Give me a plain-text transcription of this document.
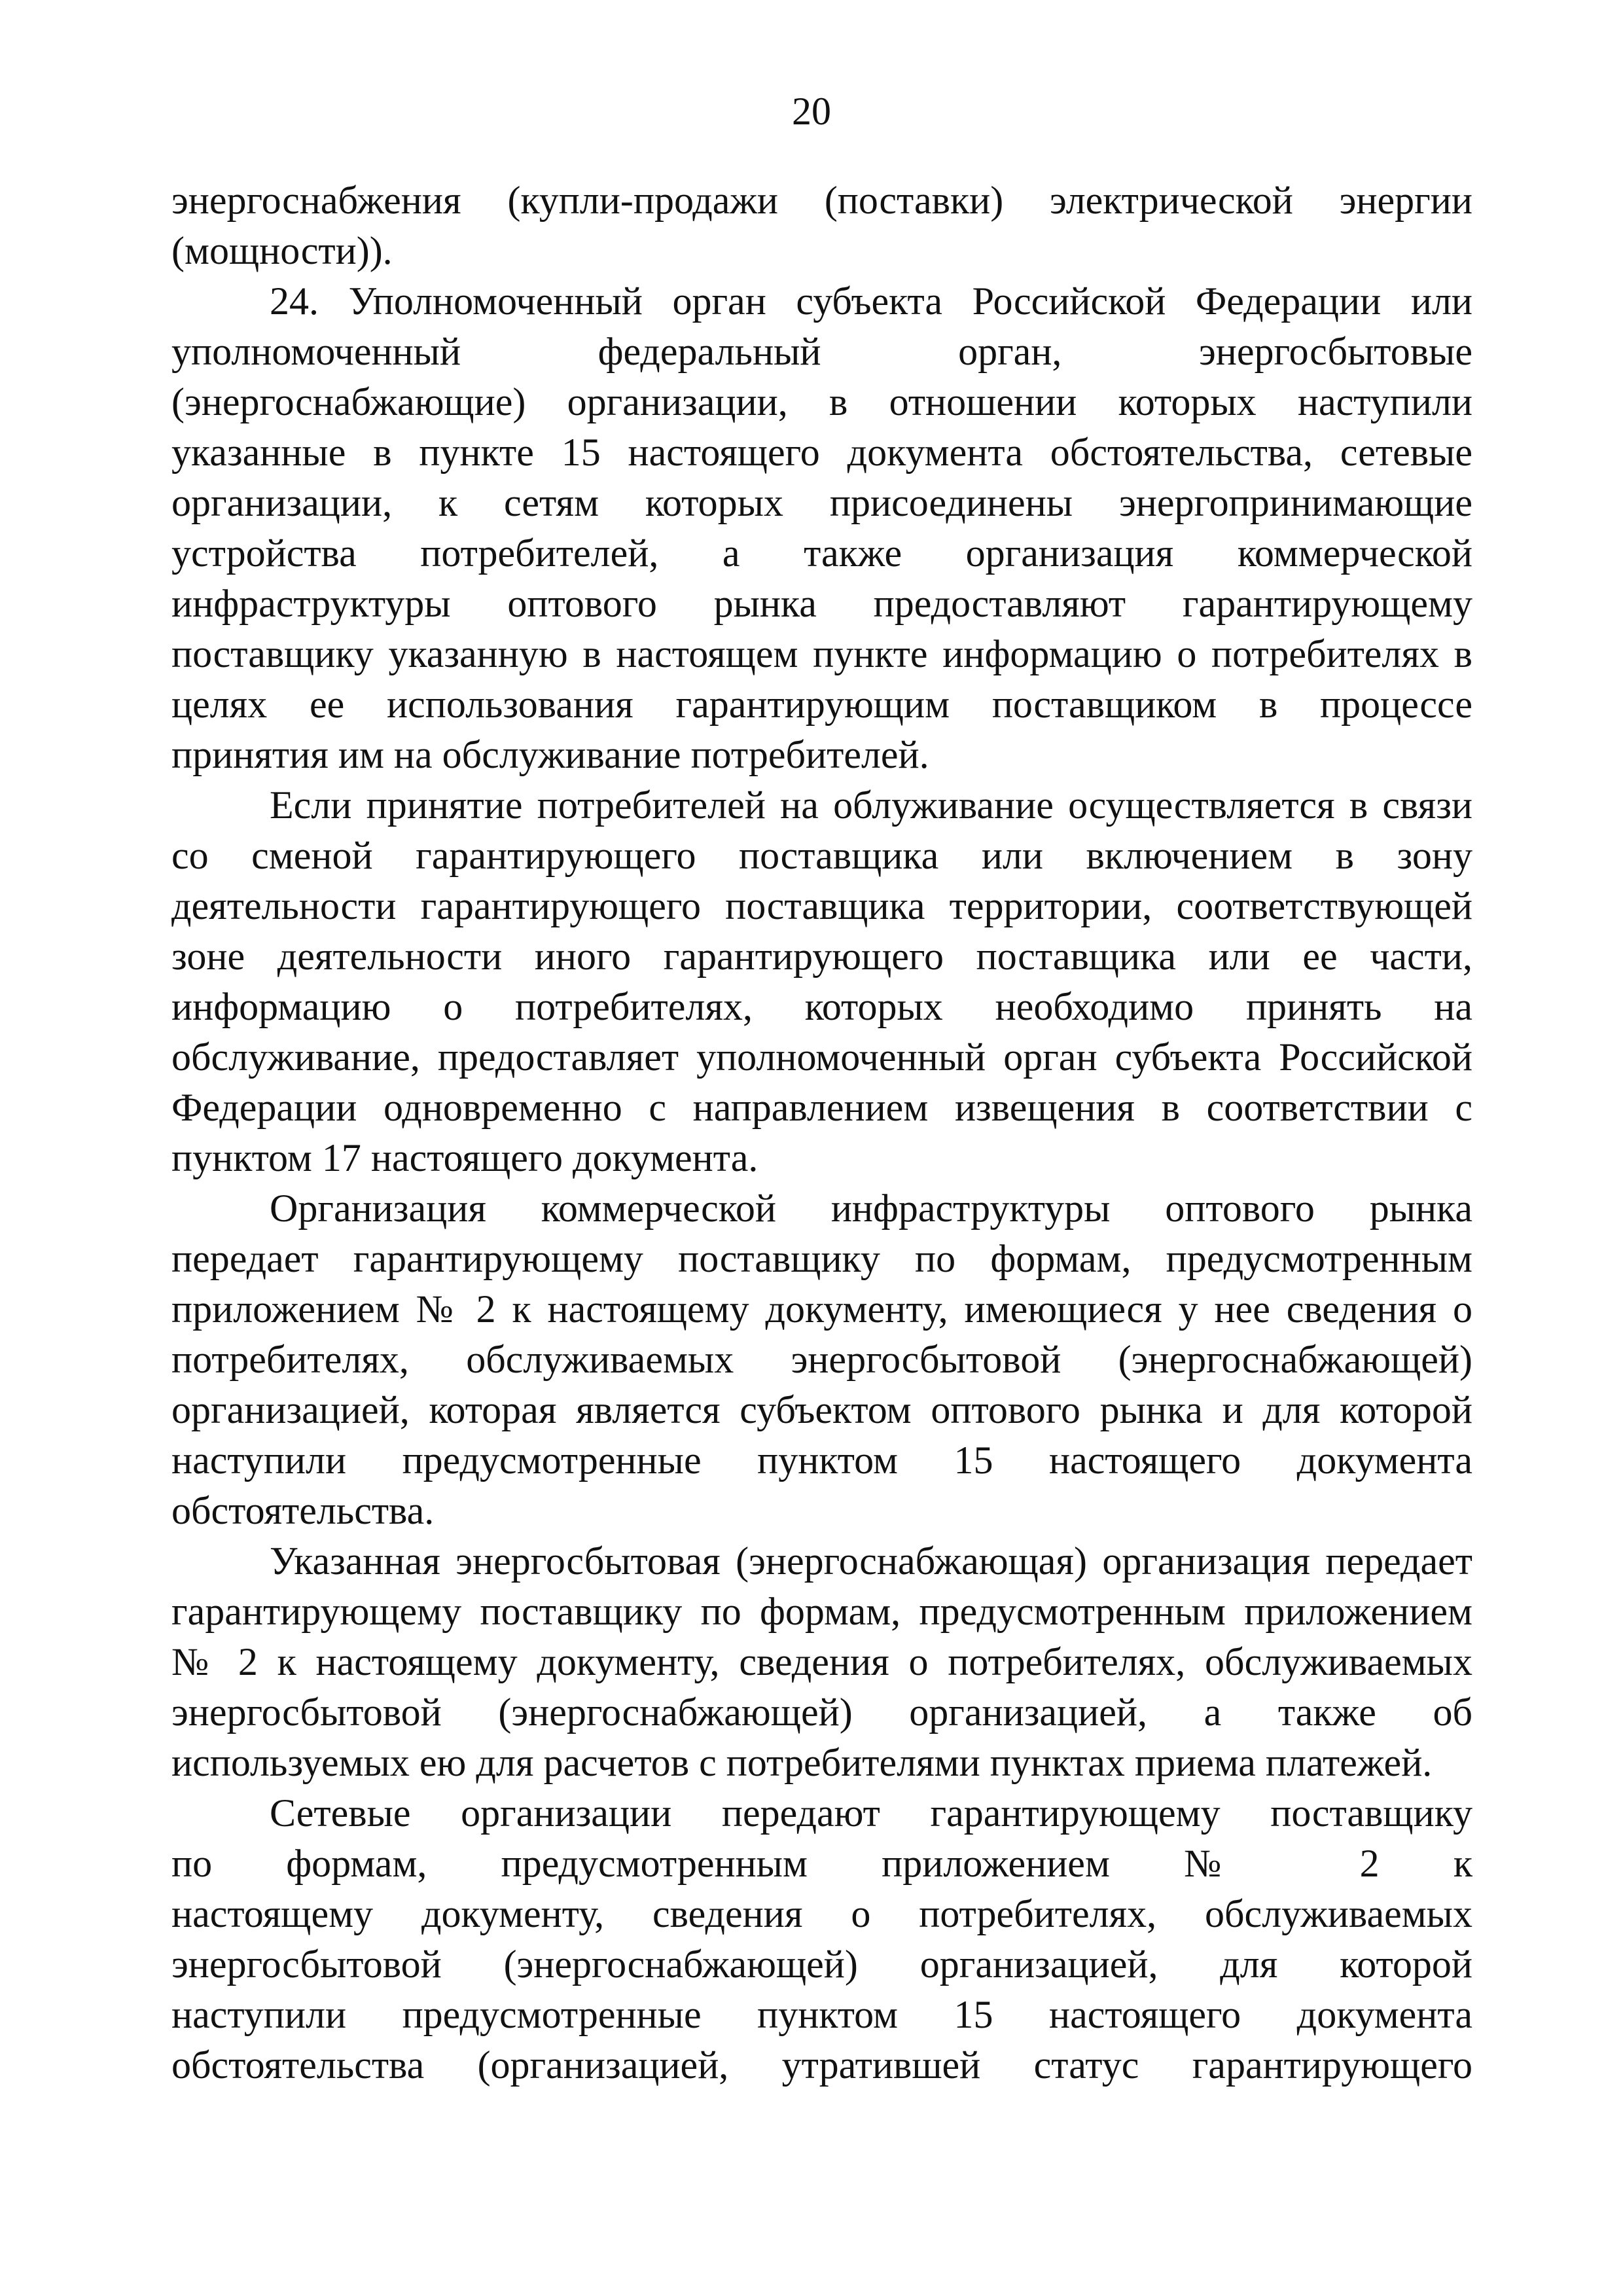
20

энергоснабжения (купли-продажи (поставки) электрической энергии
(мощности)).

24. Уполномоченный орган субъекта Российской Федерации или
уполномоченный федеральный орган, энергосбытовые
(энергоснабжающие) организации, в отношении которых наступили
указанные в пункте 15 настоящего документа обстоятельства, сетевые
организации, к сетям которых присоединены энергопринимающие
устройства потребителей, а также организация коммерческой
инфраструктуры оптового рынка предоставляют гарантирующему
поставщику указанную в настоящем пункте информацию о потребителях в
целях ее использования гарантирующим поставщиком в процессе
принятия им на обслуживание потребителей.

Если принятие потребителей на облуживание осуществляется в связи
со сменой гарантирующего поставщика или включением в зону
деятельности гарантирующего поставщика территории, соответствующей
зоне деятельности иного гарантирующего поставщика или ее части,
информацию о потребителях, которых необходимо принять на
обслуживание, предоставляет уполномоченный орган субъекта Российской
Федерации одновременно с направлением извещения в соответствии с
пунктом 17 настоящего документа.

Организация коммерческой инфраструктуры оптового рынка
передает гарантирующему поставщику по формам, предусмотренным
приложением № 2 к настоящему документу, имеющиеся у нее сведения о
потребителях, обслуживаемых энергосбытовой (энергоснабжающей)
организацией, которая является субъектом оптового рынка и для которой
наступили предусмотренные пунктом 15 настоящего документа
обстоятельства.

Указанная энергосбытовая (энергоснабжающая) организация передает
гарантирующему поставщику по формам, предусмотренным приложением
№ 2 к настоящему документу, сведения о потребителях, обслуживаемых
энергосбытовой (энергоснабжающей) организацией, а также об
используемых ею для расчетов с потребителями пунктах приема платежей.

Сетевые организации передают гарантирующему поставщику
по формам, предусмотренным приложением № 2 к
настоящему документу, сведения о потребителях, обслуживаемых
энергосбытовой (энергоснабжающей) организацией, для которой
наступили предусмотренные пунктом 15 настоящего документа
обстоятельства (организацией, утратившей статус гарантирующего
